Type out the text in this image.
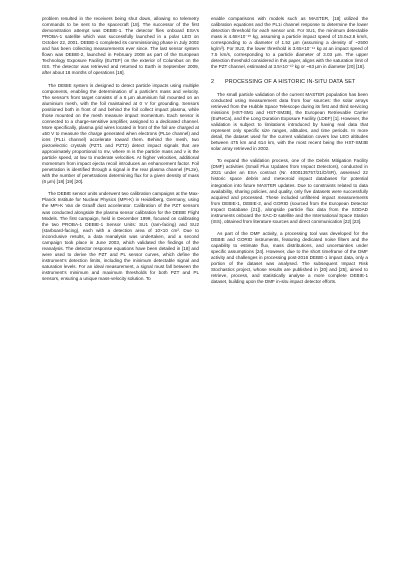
problem resulted in the receivers being shut down, allowing no telemetry commands to be sent to the spacecraft [18]. The successor of the first demonstration attempt was DEBIE-1. The detector flies onboard ESA's PROBA-1 satellite which was successfully launched in a polar LEO on October 22, 2001. DEBIE-1 completed its commissioning phase in July 2002 and has been collecting measurements ever since. The last sensor system flown was DEBIE-2, launched in February 2008 as part of the European Technology Exposure Facility (EuTEF) on the exterior of Columbus on the ISS. The detector was retrieved and returned to Earth in September 2009, after about 18 months of operations [18].

The DEBIE system is designed to detect particle impacts using multiple components, enabling the determination of a particle's mass and velocity. The sensor's front target consists of a 6 µm aluminium foil mounted on an aluminium mesh, with the foil maintained at 0 V for grounding. Sensors positioned both in front of and behind the foil collect impact plasma, while those mounted on the mesh measure impact momentum. Each sensor is connected to a charge-sensitive amplifier, assigned to a dedicated channel. More specifically, plasma grid wires located in front of the foil are charged at ±50 V to measure the charge generated when electrons (PL1e channel) and ions (PL1i channel) accelerate toward them. Behind the mesh, two piezoelectric crystals (PZT1 and PZT2) detect impact signals that are approximately proportional to mv, where m is the particle mass and v is the particle speed, at low to moderate velocities. At higher velocities, additional momentum from impact ejecta recoil introduces an enhancement factor. Foil penetration is identified through a signal in the rear plasma channel (PL2e), with the number of penetrations determining flux for a given density of mass (6 µm) [18] [19] [20].

The DEBIE sensor units underwent two calibration campaigns at the Max-Planck Institute for Nuclear Physics (MPI-K) in Heidelberg, Germany, using the MPI-K Van de Graaff dust accelerator. Calibration of the PZT sensors was conducted alongside the plasma sensor calibration for the DEBIE Flight Models. The first campaign, held in December 1999, focused on calibrating the two PROBA-1 DEBIE-1 Sensor Units: SU1 (ram-facing) and SU2 (starboard-facing), each with a detection area of 10×10 cm². Due to inconclusive results, a data reanalysis was undertaken, and a second campaign took place in June 2003, which validated the findings of the reanalysis. The detector response equations have been detailed in [18] and were used to derive the PZT and PL sensor curves, which define the instrument's detection limits, including the minimum detectable signal and saturation levels. For an ideal measurement, a signal must fall between the instrument's minimum and maximum thresholds for both PZT and PL sensors, ensuring a unique mass-velocity solution. To

enable comparisons with models such as MASTER, [18] utilized the calibration equations and the PL1i channel response to determine the lower detection threshold for each sensor unit. For SU1, the minimum detectable mass is 4.68×10⁻¹⁵ kg, assuming a particle impact speed of 15.0±2.8 km/s, corresponding to a diameter of 1.52 µm (assuming a density of ~2500 kg/m³). For SU2, the lower threshold is 3.65×10⁻¹⁴ kg at an impact speed of 7.5 km/s, corresponding to a particle diameter of 3.03 µm. The upper detection threshold considered in this paper, aligns with the saturation limit of the PZT channel, estimated at 3.5×10⁻¹⁰ kg or ~63 µm in diameter [20] [18].

2	PROCESSING OF A HISTORIC IN-SITU DATA SET

The small particle validation of the current MASTER population has been conducted using measurement data from four sources: the solar arrays retrieved from the Hubble Space Telescope during its first and third servicing missions (HST-SM1 and HST-SM3B), the European Retrievable Carrier (EuReCa), and the Long Duration Exposure Facility (LDEF) [1]. However, the validation is subject to limitations introduced by having real data that represent only specific size ranges, altitudes, and time periods. In more detail, the dataset used for the current validation covers low LEO altitudes between 475 km and 614 km, with the most recent being the HST-SM3B solar array retrieved in 2002.

To expand the validation process, one of the Debris Mitigation Facility (DMF) activities (Small Flux Updates from Impact Detectors), conducted in 2021 under an ESA contract (Nr. 4000135757/21/D/SR), assessed 22 historic space debris and meteoroid impact databases for potential integration into future MASTER updates. Due to constraints related to data availability, sharing policies, and quality, only five datasets were successfully acquired and processed. These included unfiltered impact measurements from DEBIE-1, DEBIE-2, and GORID (sourced from the European Detector Impact Database [21]), alongside particle flux data from the SODAD instruments onboard the SAC-D satellite and the International Space Station (ISS), obtained from literature sources and direct communication [22] [23].

As part of the DMF activity, a processing tool was developed for the DEBIE and GORID instruments, featuring dedicated noise filters and the capability to estimate flux, mass distributions, and uncertainties under specific assumptions [24]. However, due to the short timeframe of the DMF activity and challenges in processing post-2016 DEBIE-1 impact data, only a portion of the dataset was analysed. The subsequent Impact Risk Stochastics project, whose results are published in [20] and [25], aimed to retrieve, process, and statistically analyse a more complete DEBIE-1 dataset, building upon the DMF in-situ impact detector efforts.
